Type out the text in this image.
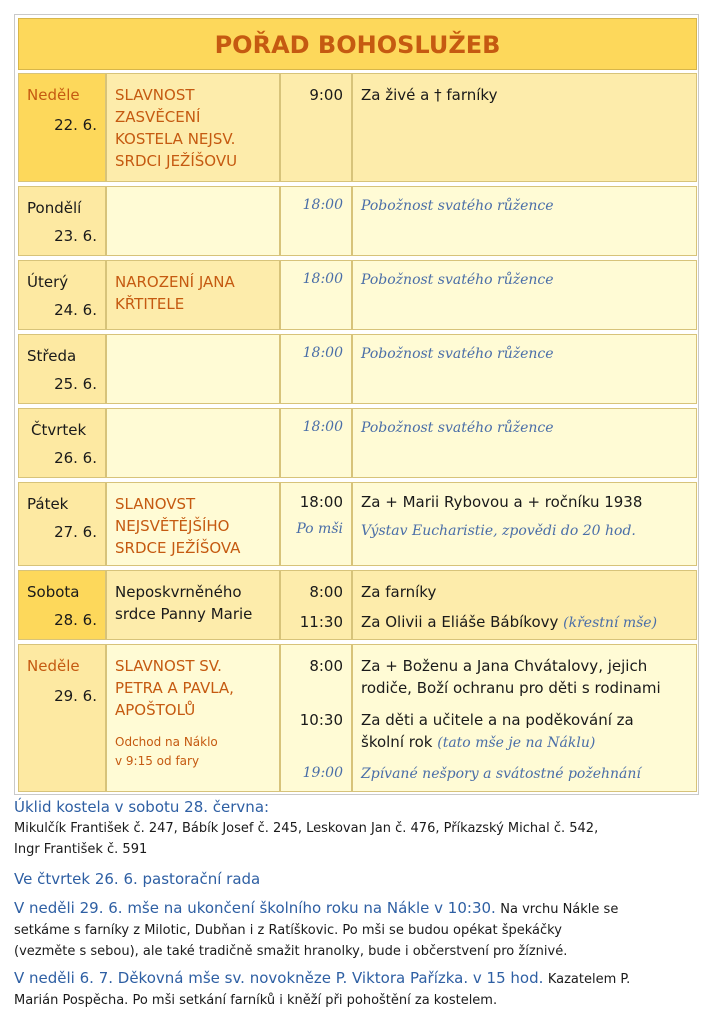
POŘAD BOHOSLUŽEB
Neděle
22. 6.
SLAVNOST
ZASVĚCENÍ
KOSTELA NEJSV.
SRDCI JEŽÍŠOVU
9:00 Za živé a † farníky
Pondělí
23. 6.
18:00 Pobožnost svatého růžence
Úterý
24. 6.
NAROZENÍ JANA
KŘTITELE
18:00 Pobožnost svatého růžence
Středa
25. 6.
18:00 Pobožnost svatého růžence
Čtvrtek
26. 6.
18:00 Pobožnost svatého růžence
Pátek
27. 6.
SLANOVST
NEJSVĚTĚJŠÍHO
SRDCE JEŽÍŠOVA
18:00
Po mši
Za + Marii Rybovou a + ročníku 1938
Výstav Eucharistie, zpovědi do 20 hod.
Sobota
28. 6.
Neposkvrněného
srdce Panny Marie
8:00
11:30
Za farníky
Za Olivii a Eliáše Bábíkovy (křestní mše)
Neděle
29. 6.
SLAVNOST SV.
PETRA A PAVLA,
APOŠTOLŮ
Odchod na Náklo
v 9:15 od fary
8:00
10:30
19:00
Za + Boženu a Jana Chvátalovy, jejich
rodiče, Boží ochranu pro děti s rodinami
Za děti a učitele a na poděkování za
školní rok (tato mše je na Náklu)
Zpívané nešpory a svátostné požehnání
Úklid kostela v sobotu 28. června:
Mikulčík František č. 247, Bábík Josef č. 245, Leskovan Jan č. 476, Příkazský Michal č. 542,
Ingr František č. 591
Ve čtvrtek 26. 6. pastorační rada
V neděli 29. 6. mše na ukončení školního roku na Nákle v 10:30. Na vrchu Nákle se
setkáme s farníky z Milotic, Dubňan i z Ratíškovic. Po mši se budou opékat špekáčky
(vezměte s sebou), ale také tradičně smažit hranolky, bude i občerstvení pro žíznivé.
V neděli 6. 7. Děkovná mše sv. novokněze P. Viktora Pařízka. v 15 hod. Kazatelem P.
Marián Pospěcha. Po mši setkání farníků i kněží při pohoštění za kostelem.
